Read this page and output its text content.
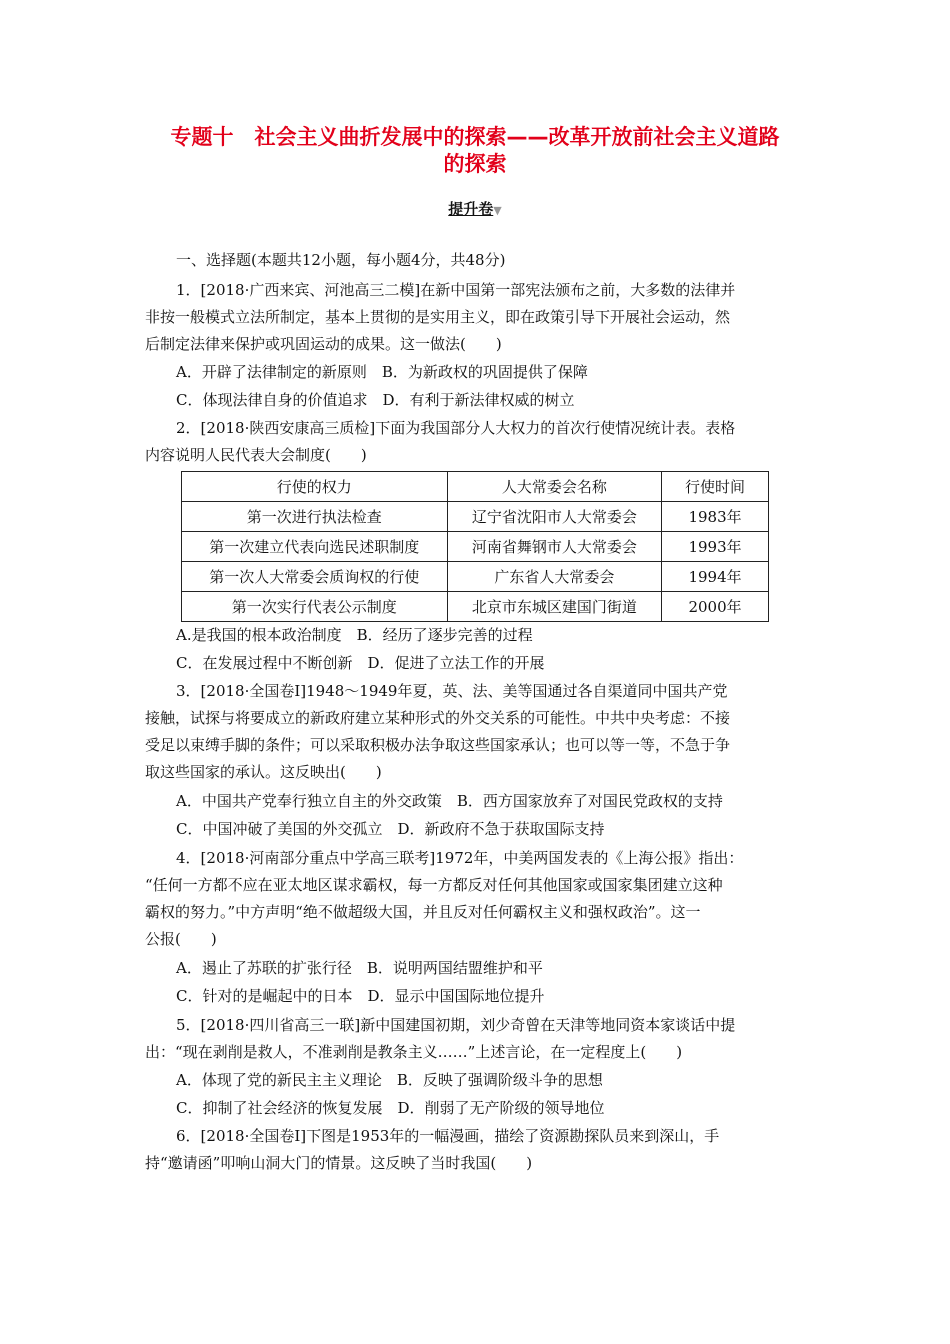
专题十　社会主义曲折发展中的探索——改革开放前社会主义道路
的探索
提升卷▼
一、选择题(本题共12小题，每小题4分，共48分)
1．[2018·广西来宾、河池高三二模]在新中国第一部宪法颁布之前，大多数的法律并
非按一般模式立法所制定，基本上贯彻的是实用主义，即在政策引导下开展社会运动，然
后制定法律来保护或巩固运动的成果。这一做法(　　)
A．开辟了法律制定的新原则　B．为新政权的巩固提供了保障
C．体现法律自身的价值追求　D．有利于新法律权威的树立
2．[2018·陕西安康高三质检]下面为我国部分人大权力的首次行使情况统计表。表格
内容说明人民代表大会制度(　　)
行使的权力	人大常委会名称	行使时间
第一次进行执法检查	辽宁省沈阳市人大常委会	1983年
第一次建立代表向选民述职制度	河南省舞钢市人大常委会	1993年
第一次人大常委会质询权的行使	广东省人大常委会	1994年
第一次实行代表公示制度	北京市东城区建国门街道	2000年
A.是我国的根本政治制度　B．经历了逐步完善的过程
C．在发展过程中不断创新　D．促进了立法工作的开展
3．[2018·全国卷Ⅰ]1948～1949年夏，英、法、美等国通过各自渠道同中国共产党
接触，试探与将要成立的新政府建立某种形式的外交关系的可能性。中共中央考虑：不接
受足以束缚手脚的条件；可以采取积极办法争取这些国家承认；也可以等一等，不急于争
取这些国家的承认。这反映出(　　)
A．中国共产党奉行独立自主的外交政策　B．西方国家放弃了对国民党政权的支持
C．中国冲破了美国的外交孤立　D．新政府不急于获取国际支持
4．[2018·河南部分重点中学高三联考]1972年，中美两国发表的《上海公报》指出：
“任何一方都不应在亚太地区谋求霸权，每一方都反对任何其他国家或国家集团建立这种
霸权的努力。”中方声明“绝不做超级大国，并且反对任何霸权主义和强权政治”。这一
公报(　　)
A．遏止了苏联的扩张行径　B．说明两国结盟维护和平
C．针对的是崛起中的日本　D．显示中国国际地位提升
5．[2018·四川省高三一联]新中国建国初期，刘少奇曾在天津等地同资本家谈话中提
出：“现在剥削是救人，不准剥削是教条主义……”上述言论，在一定程度上(　　)
A．体现了党的新民主主义理论　B．反映了强调阶级斗争的思想
C．抑制了社会经济的恢复发展　D．削弱了无产阶级的领导地位
6．[2018·全国卷Ⅰ]下图是1953年的一幅漫画，描绘了资源勘探队员来到深山，手
持“邀请函”叩响山洞大门的情景。这反映了当时我国(　　)
